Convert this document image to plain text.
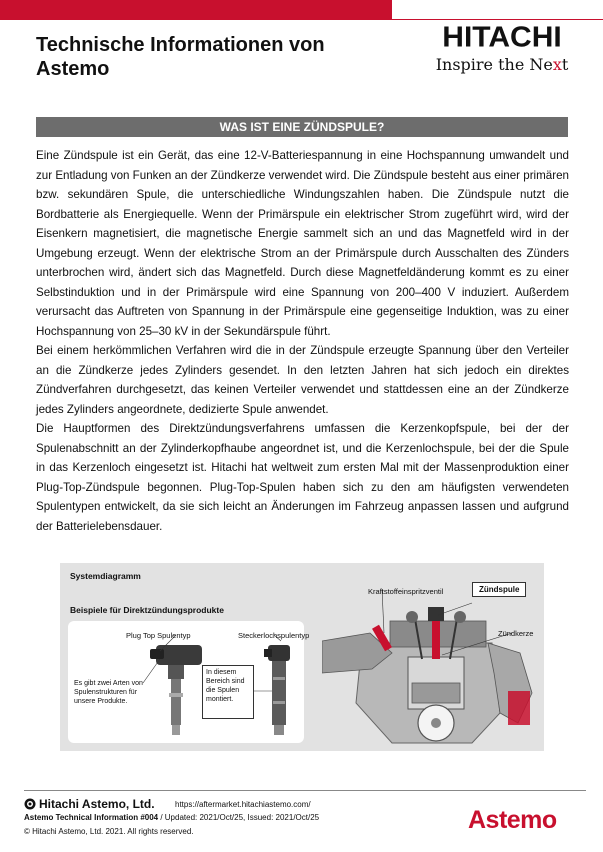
Technische Informationen von Astemo
HITACHI
Inspire the Next
WAS IST EINE ZÜNDSPULE?

Eine Zündspule ist ein Gerät, das eine 12-V-Batteriespannung in eine Hochspannung umwandelt und zur Entladung von Funken an der Zündkerze verwendet wird. Die Zündspule besteht aus einer primären bzw. sekundären Spule, die unterschiedliche Windungszahlen haben. Die Zündspule nutzt die Bordbatterie als Energiequelle. Wenn der Primärspule ein elektrischer Strom zugeführt wird, wird der Eisenkern magnetisiert, die magnetische Energie sammelt sich an und das Magnetfeld wird in der Umgebung erzeugt. Wenn der elektrische Strom an der Primärspule durch Ausschalten des Zünders unterbrochen wird, ändert sich das Magnetfeld. Durch diese Magnetfeldänderung kommt es zu einer Selbstinduktion und in der Primärspule wird eine Spannung von 200–400 V induziert. Außerdem verursacht das Auftreten von Spannung in der Primärspule eine gegenseitige Induktion, was zu einer Hochspannung von 25–30 kV in der Sekundärspule führt.

Bei einem herkömmlichen Verfahren wird die in der Zündspule erzeugte Spannung über den Verteiler an die Zündkerze jedes Zylinders gesendet. In den letzten Jahren hat sich jedoch ein direktes Zündverfahren durchgesetzt, das keinen Verteiler verwendet und stattdessen eine an der Zündkerze jedes Zylinders angeordnete, dedizierte Spule anwendet.

Die Hauptformen des Direktzündungsverfahrens umfassen die Kerzenkopfspule, bei der der Spulenabschnitt an der Zylinderkopfhaube angeordnet ist, und die Kerzenlochspule, bei der die Spule in das Kerzenloch eingesetzt ist. Hitachi hat weltweit zum ersten Mal mit der Massenproduktion einer Plug-Top-Zündspule begonnen. Plug-Top-Spulen haben sich zu den am häufigsten verwendeten Spulentypen entwickelt, da sie sich leicht an Änderungen im Fahrzeug anpassen lassen und aufgrund der Batterielebensdauer.

Systemdiagramm
Beispiele für Direktzündungsprodukte
Plug Top Spulentyp	Steckerlochspulentyp
Es gibt zwei Arten von Spulenstrukturen für unsere Produkte.
In diesem Bereich sind die Spulen montiert.
Kraftstoffeinspritzventil	Zündspule
Zündkerze
Hitachi Astemo, Ltd.	https://aftermarket.hitachiastemo.com/
Astemo Technical Information #004 / Updated: 2021/Oct/25, Issued: 2021/Oct/25
© Hitachi Astemo, Ltd. 2021. All rights reserved.	Astemo
